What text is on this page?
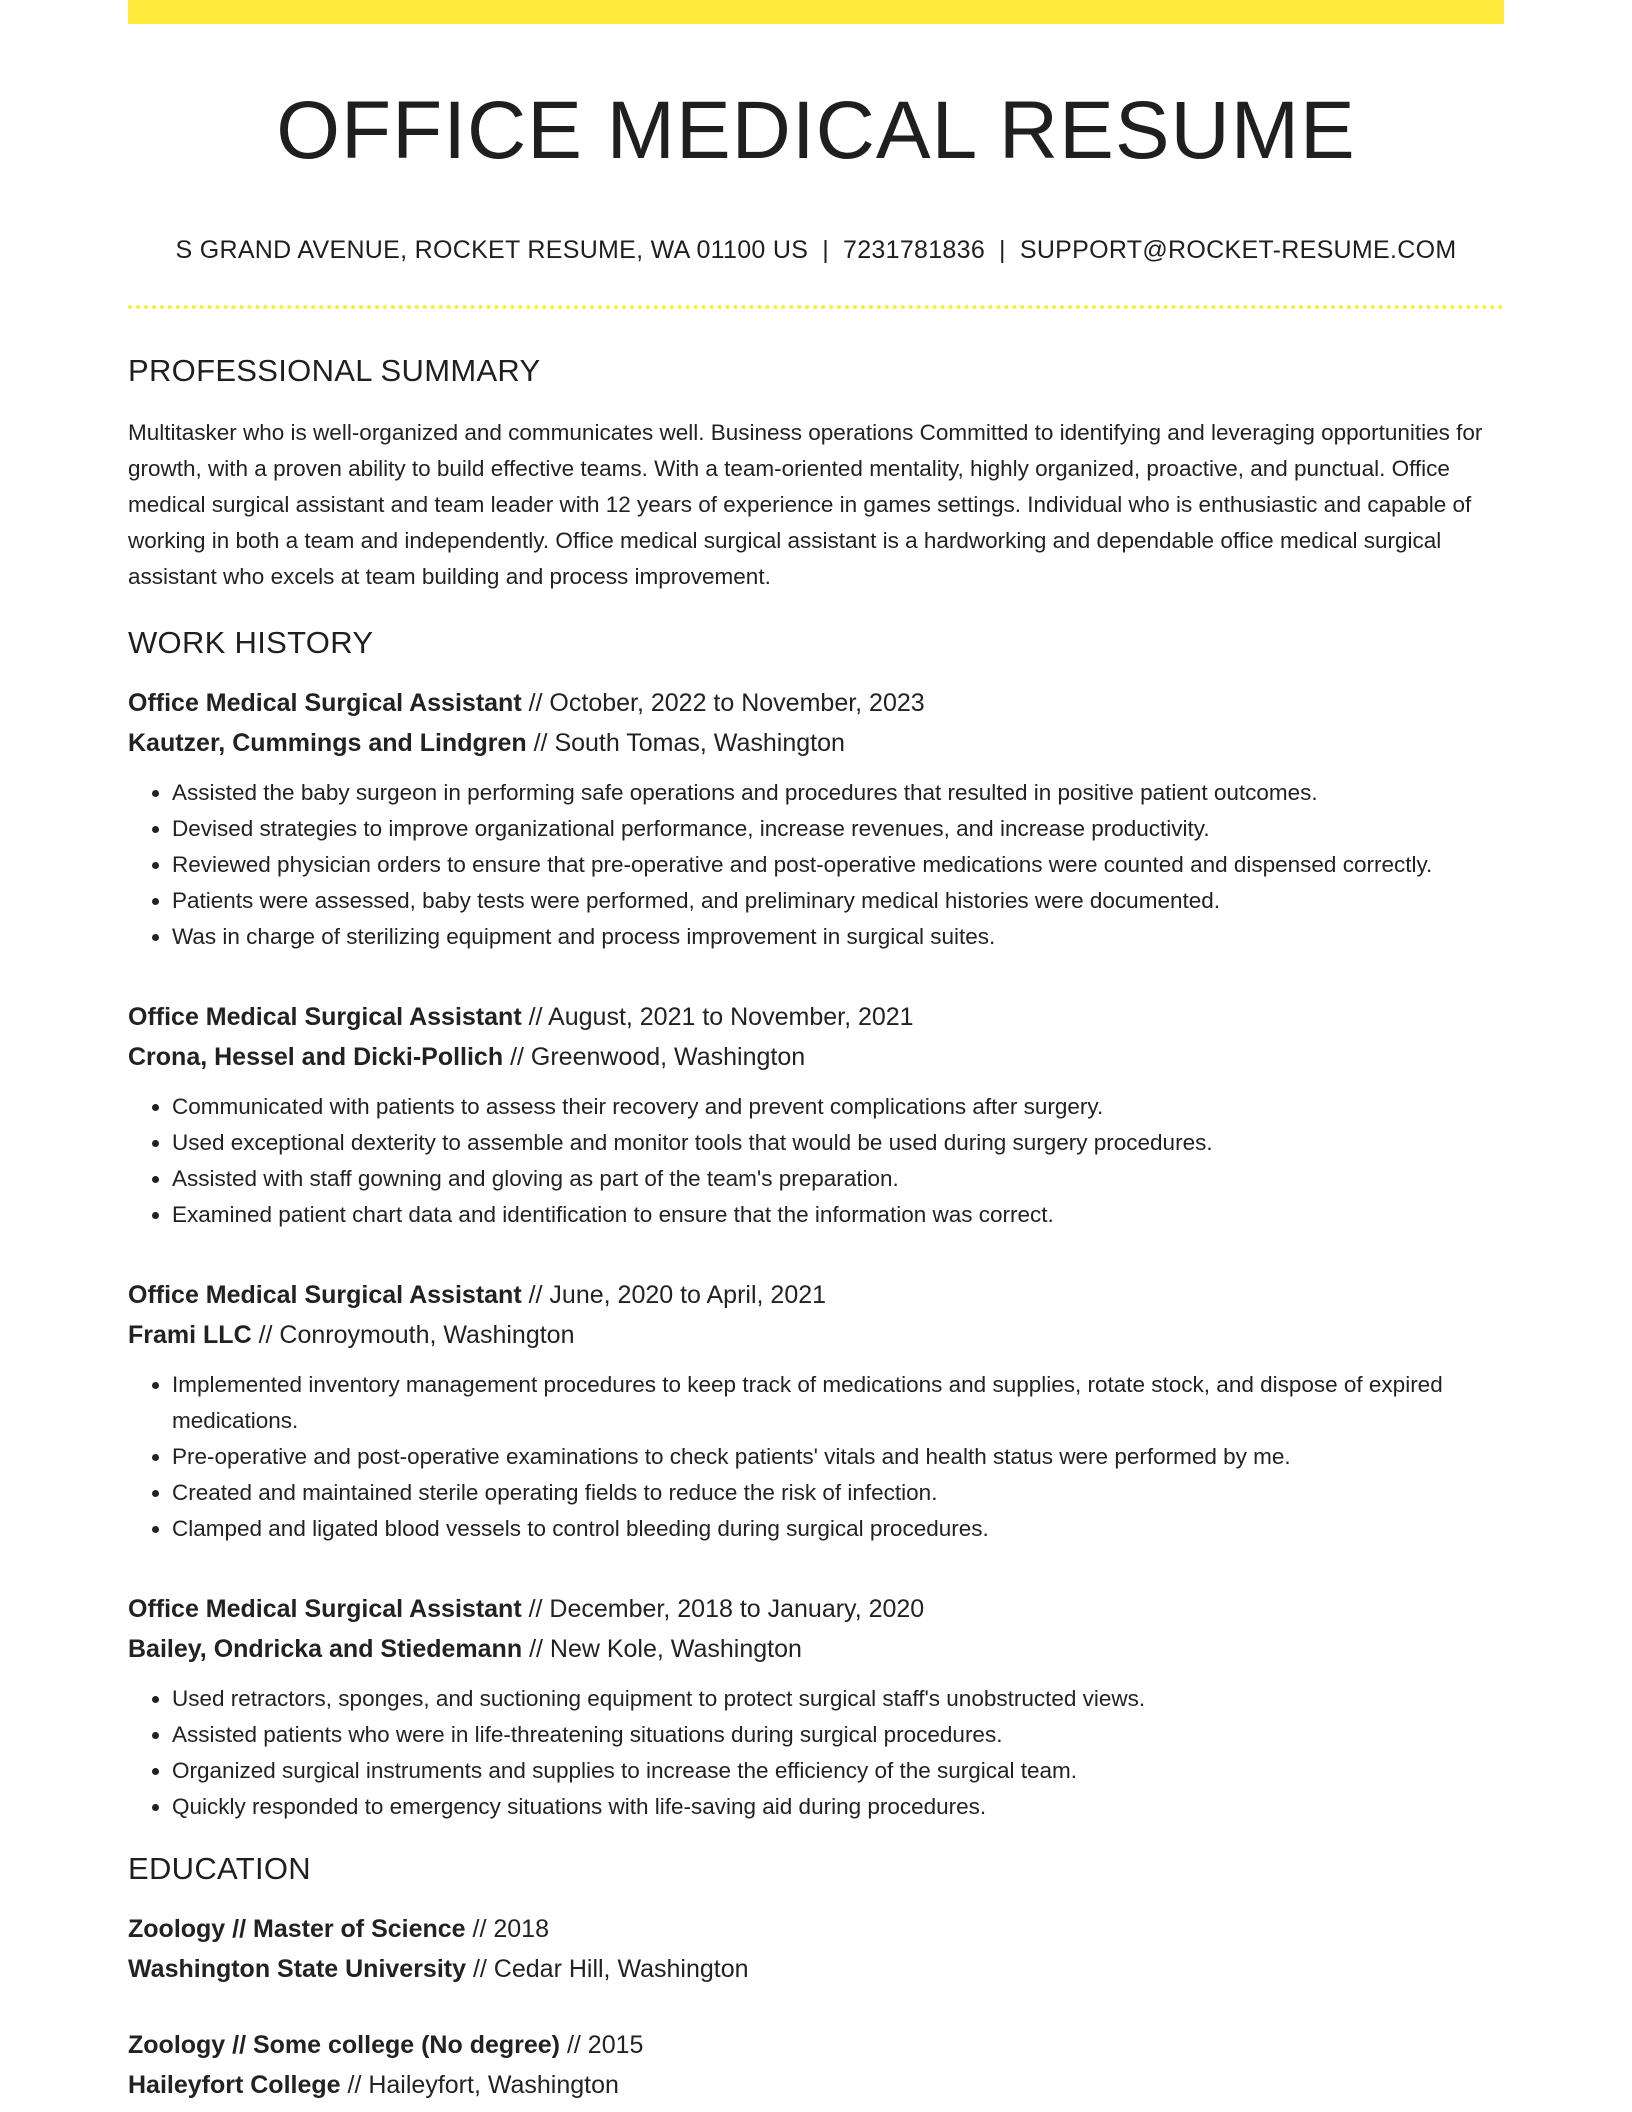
OFFICE MEDICAL RESUME
S GRAND AVENUE, ROCKET RESUME, WA 01100 US | 7231781836 | SUPPORT@ROCKET-RESUME.COM
PROFESSIONAL SUMMARY

Multitasker who is well-organized and communicates well. Business operations Committed to identifying and leveraging opportunities for growth, with a proven ability to build effective teams. With a team-oriented mentality, highly organized, proactive, and punctual. Office medical surgical assistant and team leader with 12 years of experience in games settings. Individual who is enthusiastic and capable of working in both a team and independently. Office medical surgical assistant is a hardworking and dependable office medical surgical assistant who excels at team building and process improvement.

WORK HISTORY
Office Medical Surgical Assistant // October, 2022 to November, 2023
Kautzer, Cummings and Lindgren // South Tomas, Washington
• Assisted the baby surgeon in performing safe operations and procedures that resulted in positive patient outcomes.
• Devised strategies to improve organizational performance, increase revenues, and increase productivity.
• Reviewed physician orders to ensure that pre-operative and post-operative medications were counted and dispensed correctly.
• Patients were assessed, baby tests were performed, and preliminary medical histories were documented.
• Was in charge of sterilizing equipment and process improvement in surgical suites.
Office Medical Surgical Assistant // August, 2021 to November, 2021
Crona, Hessel and Dicki-Pollich // Greenwood, Washington
• Communicated with patients to assess their recovery and prevent complications after surgery.
• Used exceptional dexterity to assemble and monitor tools that would be used during surgery procedures.
• Assisted with staff gowning and gloving as part of the team's preparation.
• Examined patient chart data and identification to ensure that the information was correct.
Office Medical Surgical Assistant // June, 2020 to April, 2021
Frami LLC // Conroymouth, Washington
• Implemented inventory management procedures to keep track of medications and supplies, rotate stock, and dispose of expired medications.
• Pre-operative and post-operative examinations to check patients' vitals and health status were performed by me.
• Created and maintained sterile operating fields to reduce the risk of infection.
• Clamped and ligated blood vessels to control bleeding during surgical procedures.
Office Medical Surgical Assistant // December, 2018 to January, 2020
Bailey, Ondricka and Stiedemann // New Kole, Washington
• Used retractors, sponges, and suctioning equipment to protect surgical staff's unobstructed views.
• Assisted patients who were in life-threatening situations during surgical procedures.
• Organized surgical instruments and supplies to increase the efficiency of the surgical team.
• Quickly responded to emergency situations with life-saving aid during procedures.
EDUCATION
Zoology // Master of Science // 2018
Washington State University // Cedar Hill, Washington
Zoology // Some college (No degree) // 2015
Haileyfort College // Haileyfort, Washington
